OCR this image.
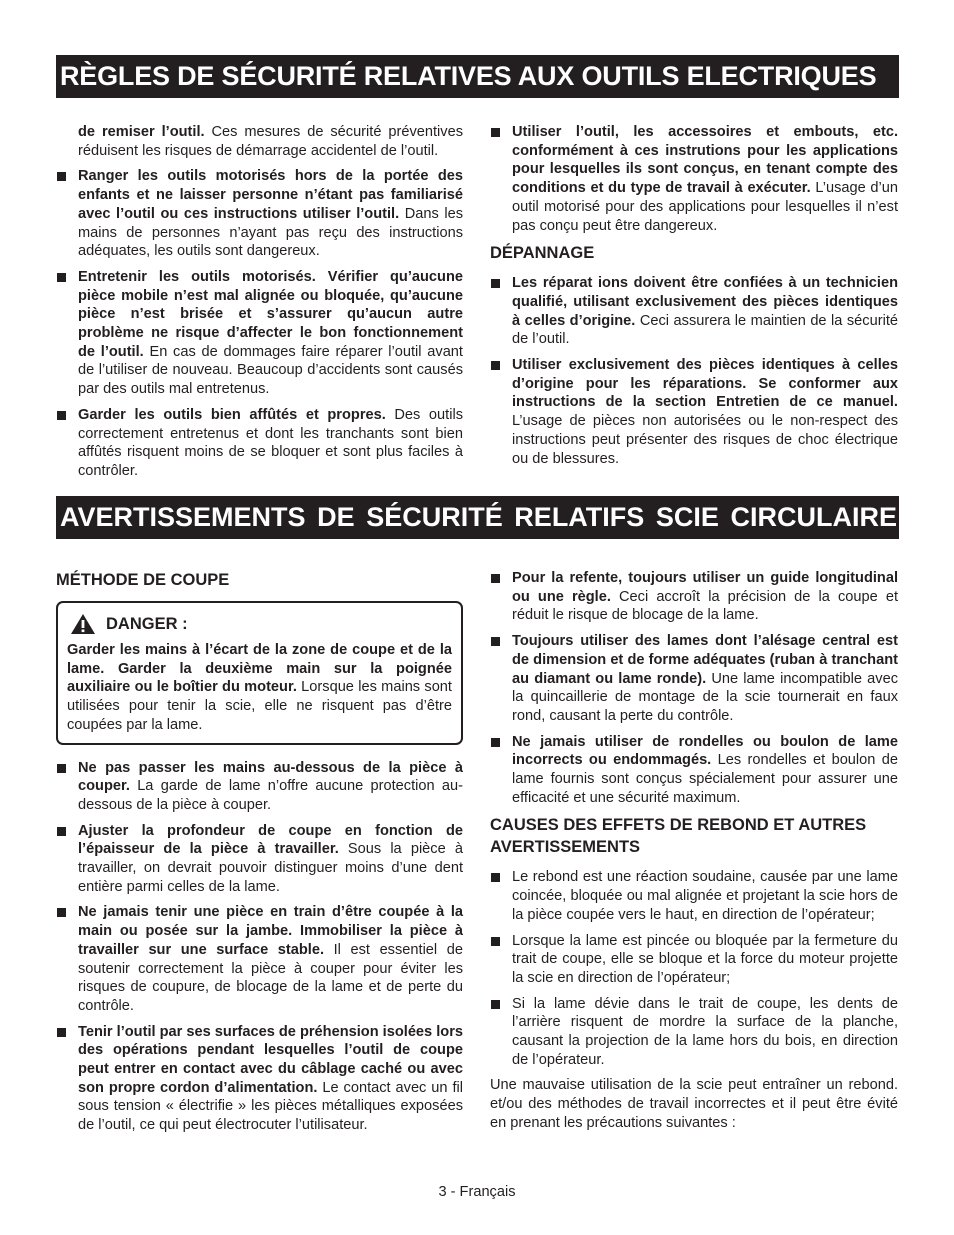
RÈGLES DE SÉCURITÉ RELATIVES AUX OUTILS ELECTRIQUES

de remiser l’outil. Ces mesures de sécurité préventives réduisent les risques de démarrage accidentel de l’outil.

Ranger les outils motorisés hors de la portée des enfants et ne laisser personne n’étant pas familiarisé avec l’outil ou ces instructions utiliser l’outil. Dans les mains de personnes n’ayant pas reçu des instructions adéquates, les outils sont dangereux.
Entretenir les outils motorisés. Vérifier qu’aucune pièce mobile n’est mal alignée ou bloquée, qu’aucune pièce n’est brisée et s’assurer qu’aucun autre problème ne risque d’affecter le bon fonctionnement de l’outil. En cas de dommages faire réparer l’outil avant de l’utiliser de nouveau. Beaucoup d’accidents sont causés par des outils mal entretenus.
Garder les outils bien affûtés et propres. Des outils correctement entretenus et dont les tranchants sont bien affûtés risquent moins de se bloquer et sont plus faciles à contrôler.
Utiliser l’outil, les accessoires et embouts, etc. conformément à ces instrutions pour les applications pour lesquelles ils sont conçus, en tenant compte des conditions et du type de travail à exécuter. L’usage d’un outil motorisé pour des applications pour lesquelles il n’est pas conçu peut être dangereux.
DÉPANNAGE
Les réparat ions doivent être confiées à un technicien qualifié, utilisant exclusivement des pièces identiques à celles d’origine. Ceci assurera le maintien de la sécurité de l’outil.
Utiliser exclusivement des pièces identiques à celles d’origine pour les réparations. Se conformer aux instructions de la section Entretien de ce manuel. L’usage de pièces non autorisées ou le non-respect des instructions peut présenter des risques de choc électrique ou de blessures.
AVERTISSEMENTS DE SÉCURITÉ RELATIFS SCIE CIRCULAIRE
MÉTHODE DE COUPE
DANGER :
Garder les mains à l’écart de la zone de coupe et de la lame. Garder la deuxième main sur la poignée auxiliaire ou le boîtier du moteur. Lorsque les mains sont utilisées pour tenir la scie, elle ne risquent pas d’être coupées par la lame.
Ne pas passer les mains au-dessous de la pièce à couper. La garde de lame n’offre aucune protection au-dessous de la pièce à couper.
Ajuster la profondeur de coupe en fonction de l’épaisseur de la pièce à travailler. Sous la pièce à travailler, on devrait pouvoir distinguer moins d’une dent entière parmi celles de la lame.
Ne jamais tenir une pièce en train d’être coupée à la main ou posée sur la jambe. Immobiliser la pièce à travailler sur une surface stable. Il est essentiel de soutenir correctement la pièce à couper pour éviter les risques de coupure, de blocage de la lame et de perte du contrôle.
Tenir l’outil par ses surfaces de préhension isolées lors des opérations pendant lesquelles l’outil de coupe peut entrer en contact avec du câblage caché ou avec son propre cordon d’alimentation. Le contact avec un fil sous tension « électrifie » les pièces métalliques exposées de l’outil, ce qui peut électrocuter l’utilisateur.
Pour la refente, toujours utiliser un guide longitudinal ou une règle. Ceci accroît la précision de la coupe et réduit le risque de blocage de la lame.
Toujours utiliser des lames dont l’alésage central est de dimension et de forme adéquates (ruban à tranchant au diamant ou lame ronde). Une lame incompatible avec la quincaillerie de montage de la scie tournerait en faux rond, causant la perte du contrôle.
Ne jamais utiliser de rondelles ou boulon de lame incorrects ou endommagés. Les rondelles et boulon de lame fournis sont conçus spécialement pour assurer une efficacité et une sécurité maximum.
CAUSES DES EFFETS DE REBOND ET AUTRES AVERTISSEMENTS
Le rebond est une réaction soudaine, causée par une lame coincée, bloquée ou mal alignée et projetant la scie hors de la pièce coupée vers le haut, en direction de l’opérateur;
Lorsque la lame est pincée ou bloquée par la fermeture du trait de coupe, elle se bloque et la force du moteur projette la scie en direction de l’opérateur;
Si la lame dévie dans le trait de coupe, les dents de l’arrière risquent de mordre la surface de la planche, causant la projection de la lame hors du bois, en direction de l’opérateur.

Une mauvaise utilisation de la scie peut entraîner un rebond. et/ou des méthodes de travail incorrectes et il peut être évité en prenant les précautions suivantes :

3 - Français
